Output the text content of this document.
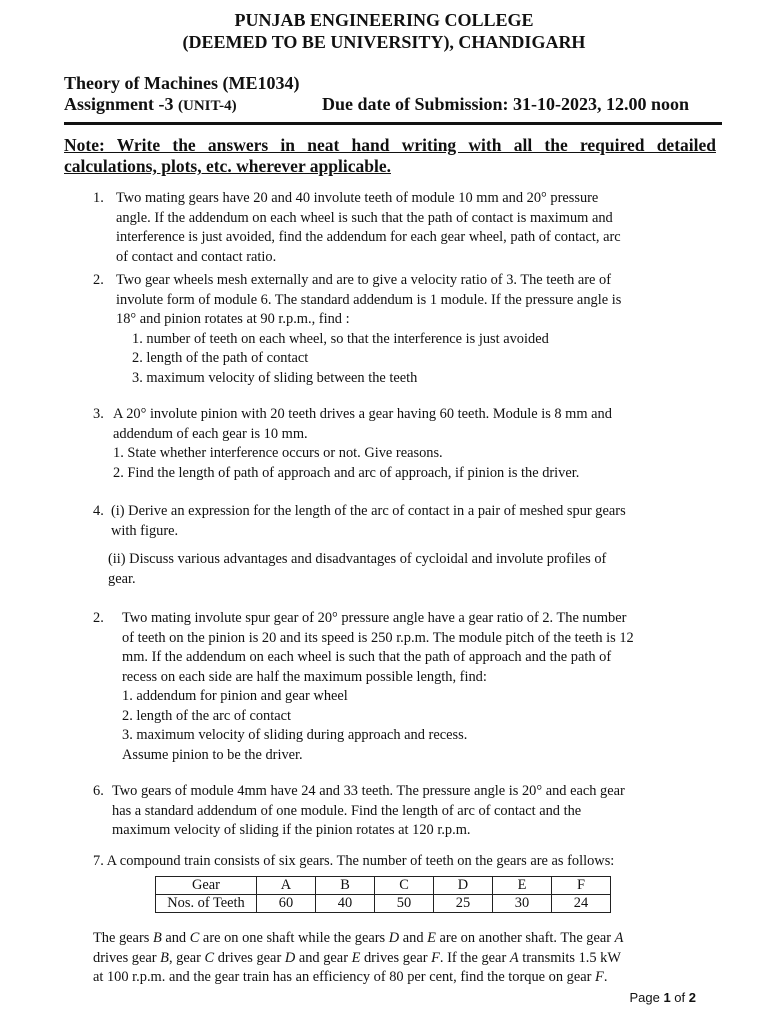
PUNJAB ENGINEERING COLLEGE
(DEEMED TO BE UNIVERSITY), CHANDIGARH
Theory of Machines (ME1034)
Assignment -3 (UNIT-4)	Due date of Submission: 31-10-2023, 12.00 noon
Note: Write the answers in neat hand writing with all the required detailed calculations, plots, etc. wherever applicable.
1. Two mating gears have 20 and 40 involute teeth of module 10 mm and 20° pressure
angle. If the addendum on each wheel is such that the path of contact is maximum and
interference is just avoided, find the addendum for each gear wheel, path of contact, arc
of contact and contact ratio.
2. Two gear wheels mesh externally and are to give a velocity ratio of 3. The teeth are of
involute form of module 6. The standard addendum is 1 module. If the pressure angle is
18° and pinion rotates at 90 r.p.m., find :
1. number of teeth on each wheel, so that the interference is just avoided
2. length of the path of contact
3. maximum velocity of sliding between the teeth
3. A 20° involute pinion with 20 teeth drives a gear having 60 teeth. Module is 8 mm and
addendum of each gear is 10 mm.
1. State whether interference occurs or not. Give reasons.
2. Find the length of path of approach and arc of approach, if pinion is the driver.
4. (i) Derive an expression for the length of the arc of contact in a pair of meshed spur gears
with figure.
(ii) Discuss various advantages and disadvantages of cycloidal and involute profiles of
gear.
2. Two mating involute spur gear of 20° pressure angle have a gear ratio of 2. The number
of teeth on the pinion is 20 and its speed is 250 r.p.m. The module pitch of the teeth is 12
mm. If the addendum on each wheel is such that the path of approach and the path of
recess on each side are half the maximum possible length, find:
1. addendum for pinion and gear wheel
2. length of the arc of contact
3. maximum velocity of sliding during approach and recess.
Assume pinion to be the driver.
6. Two gears of module 4mm have 24 and 33 teeth. The pressure angle is 20° and each gear
has a standard addendum of one module. Find the length of arc of contact and the
maximum velocity of sliding if the pinion rotates at 120 r.p.m.
7. A compound train consists of six gears. The number of teeth on the gears are as follows:
Gear	A	B	C	D	E	F
Nos. of Teeth	60	40	50	25	30	24
The gears B and C are on one shaft while the gears D and E are on another shaft. The gear A
drives gear B, gear C drives gear D and gear E drives gear F. If the gear A transmits 1.5 kW
at 100 r.p.m. and the gear train has an efficiency of 80 per cent, find the torque on gear F.
Page 1 of 2
